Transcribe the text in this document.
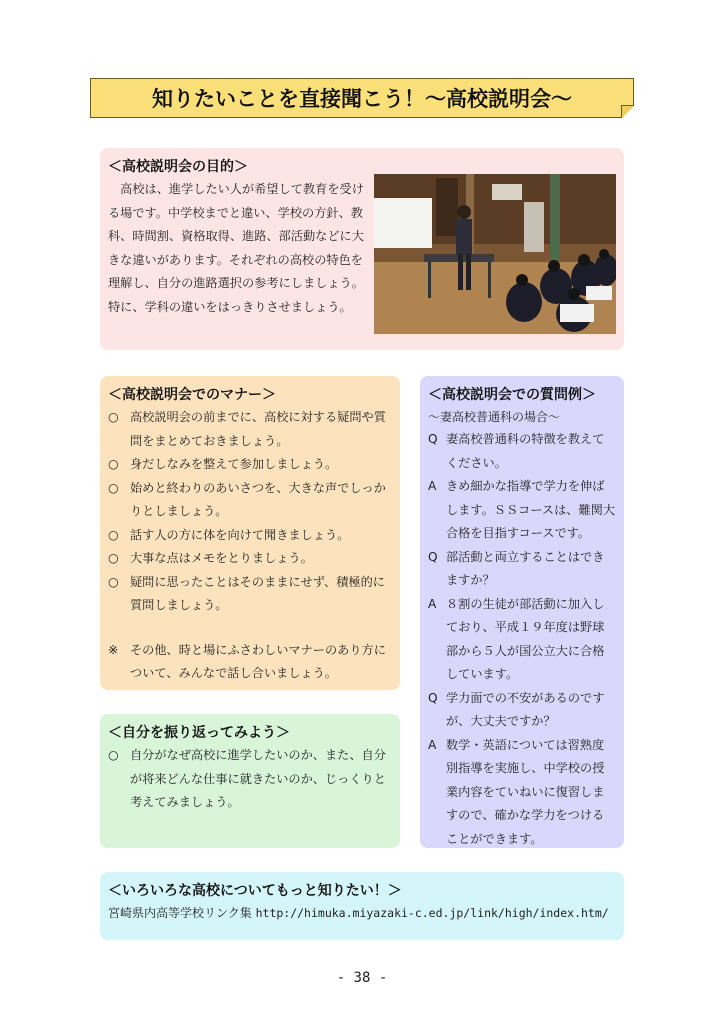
知りたいことを直接聞こう！〜高校説明会〜
＜高校説明会の目的＞

　高校は、進学したい人が希望して教育を受ける場です。中学校までと違い、学校の方針、教科、時間割、資格取得、進路、部活動などに大きな違いがあります。それぞれの高校の特色を理解し、自分の進路選択の参考にしましょう。特に、学科の違いをはっきりさせましょう。

＜高校説明会でのマナー＞
○ 高校説明会の前までに、高校に対する疑問や質問をまとめておきましょう。
○ 身だしなみを整えて参加しましょう。
○ 始めと終わりのあいさつを、大きな声でしっかりとしましょう。
○ 話す人の方に体を向けて聞きましょう。
○ 大事な点はメモをとりましょう。
○ 疑問に思ったことはそのままにせず、積極的に質問しましょう。
※ その他、時と場にふさわしいマナーのあり方について、みんなで話し合いましょう。
＜自分を振り返ってみよう＞
○ 自分がなぜ高校に進学したいのか、また、自分が将来どんな仕事に就きたいのか、じっくりと考えてみましょう。
＜高校説明会での質問例＞
〜妻高校普通科の場合〜
Q 妻高校普通科の特徴を教えてください。
A きめ細かな指導で学力を伸ばします。ＳＳコースは、難関大合格を目指すコースです。
Q 部活動と両立することはできますか？
A ８割の生徒が部活動に加入しており、平成１９年度は野球部から５人が国公立大に合格しています。
Q 学力面での不安があるのですが、大丈夫ですか？
A 数学・英語については習熟度別指導を実施し、中学校の授業内容をていねいに復習しますので、確かな学力をつけることができます。
＜いろいろな高校についてもっと知りたい！＞
宮崎県内高等学校リンク集 http://himuka.miyazaki-c.ed.jp/link/high/index.htm/
- 38 -
